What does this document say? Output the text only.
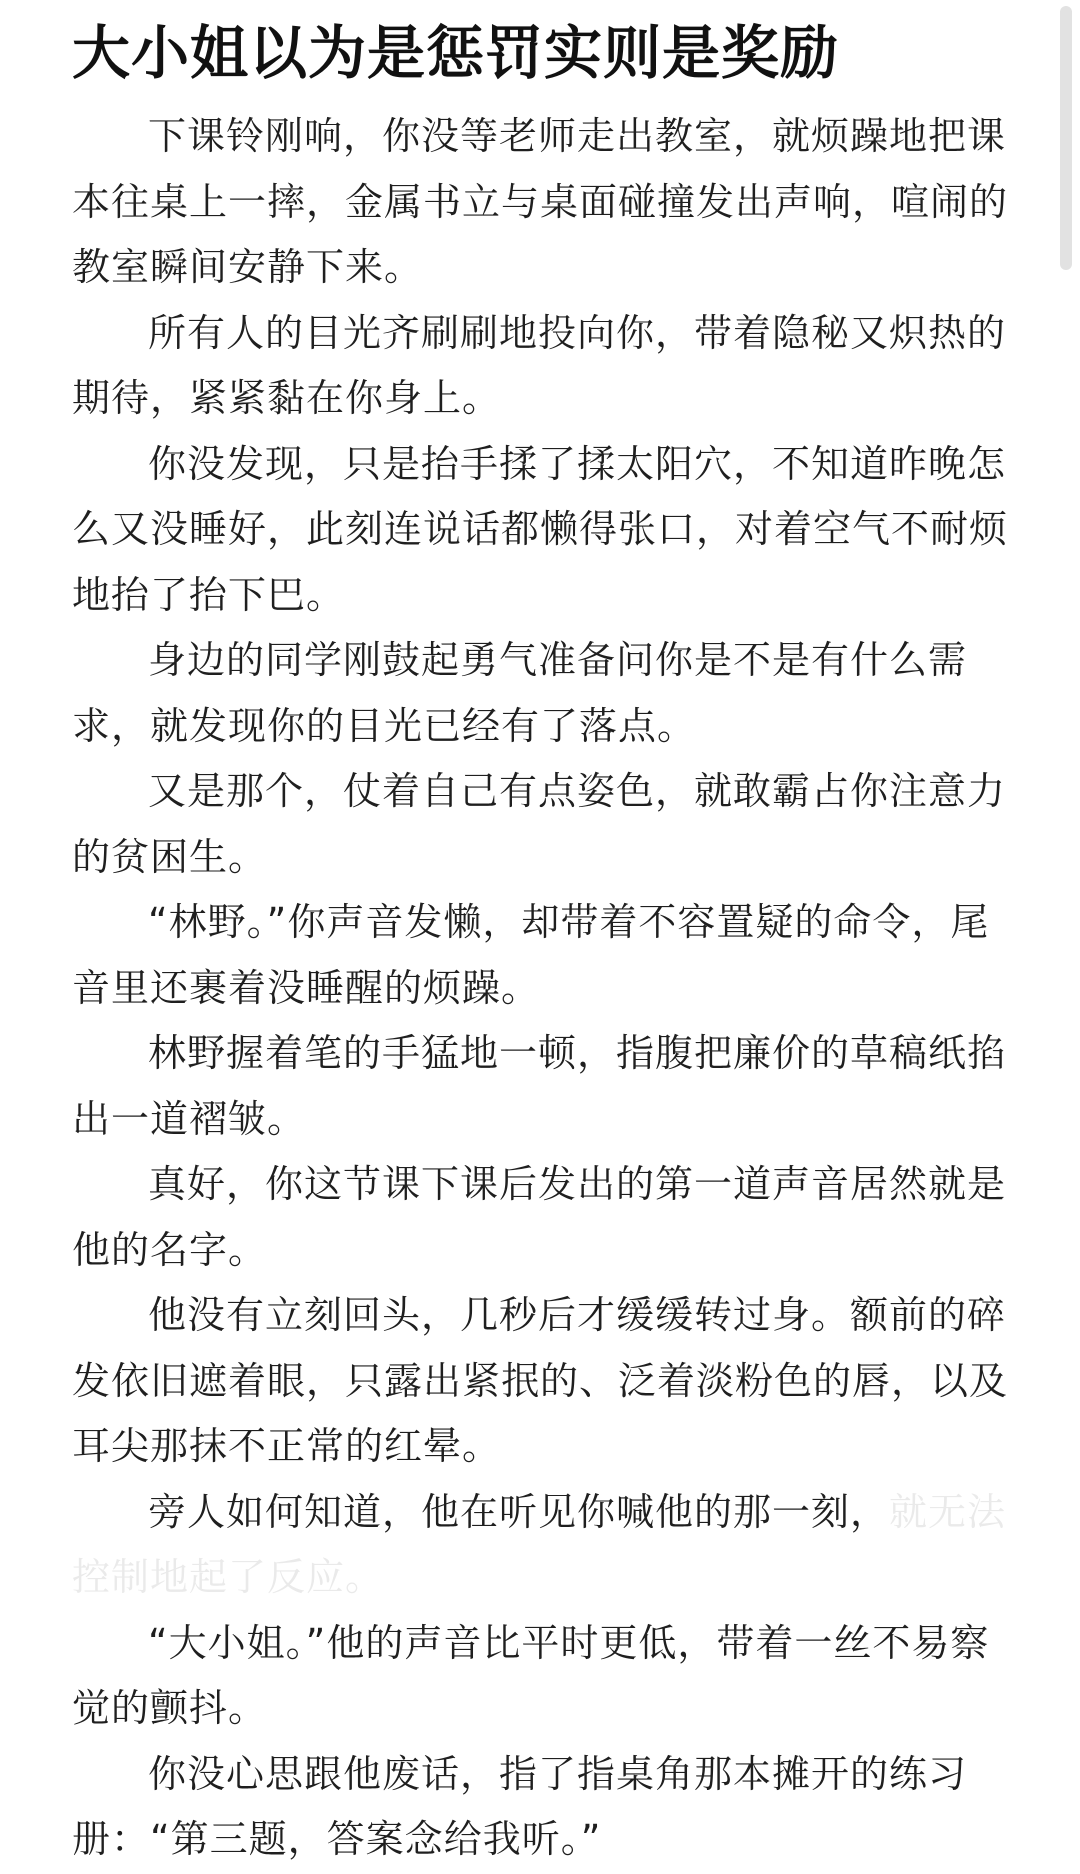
大小姐以为是惩罚实则是奖励

下课铃刚响，你没等老师走出教室，就烦躁地把课本往桌上一摔，金属书立与桌面碰撞发出声响，喧闹的教室瞬间安静下来。

所有人的目光齐刷刷地投向你，带着隐秘又炽热的期待，紧紧黏在你身上。

你没发现，只是抬手揉了揉太阳穴，不知道昨晚怎么又没睡好，此刻连说话都懒得张口，对着空气不耐烦地抬了抬下巴。

身边的同学刚鼓起勇气准备问你是不是有什么需求，就发现你的目光已经有了落点。

又是那个，仗着自己有点姿色，就敢霸占你注意力的贫困生。

“林野。”你声音发懒，却带着不容置疑的命令，尾音里还裹着没睡醒的烦躁。

林野握着笔的手猛地一顿，指腹把廉价的草稿纸掐出一道褶皱。

真好，你这节课下课后发出的第一道声音居然就是他的名字。

他没有立刻回头，几秒后才缓缓转过身。额前的碎发依旧遮着眼，只露出紧抿的、泛着淡粉色的唇，以及耳尖那抹不正常的红晕。

旁人如何知道，他在听见你喊他的那一刻，就无法控制地起了反应。

“大小姐。”他的声音比平时更低，带着一丝不易察觉的颤抖。

你没心思跟他废话，指了指桌角那本摊开的练习册：“第三题，答案念给我听。”
